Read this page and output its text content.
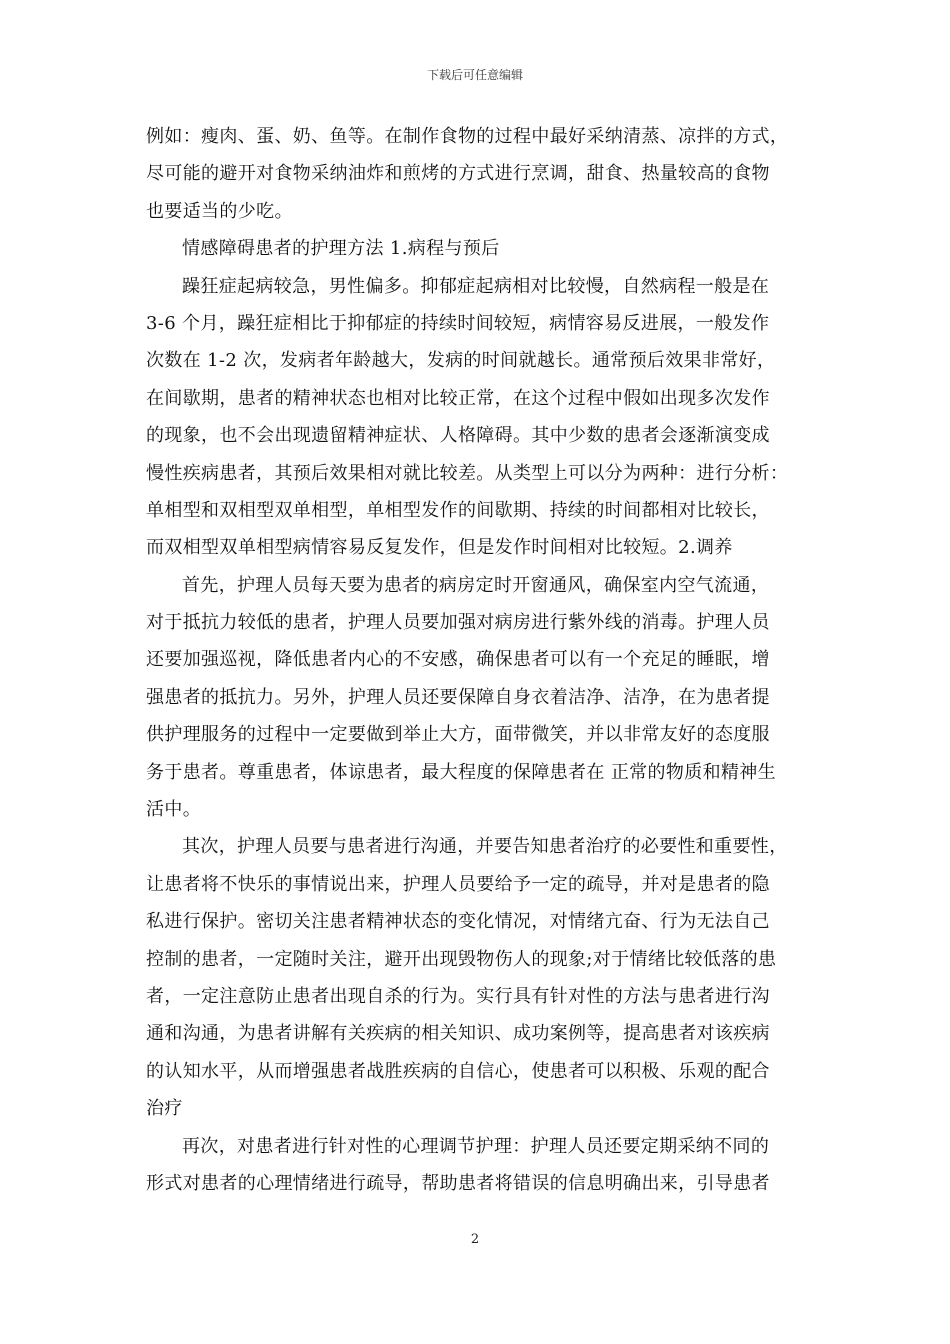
下载后可任意编辑
例如：瘦肉、蛋、奶、鱼等。在制作食物的过程中最好采纳清蒸、凉拌的方式，
尽可能的避开对食物采纳油炸和煎烤的方式进行烹调，甜食、热量较高的食物
也要适当的少吃。
情感障碍患者的护理方法 1.病程与预后
躁狂症起病较急，男性偏多。抑郁症起病相对比较慢，自然病程一般是在
3-6 个月，躁狂症相比于抑郁症的持续时间较短，病情容易反进展，一般发作
次数在 1-2 次，发病者年龄越大，发病的时间就越长。通常预后效果非常好，
在间歇期，患者的精神状态也相对比较正常，在这个过程中假如出现多次发作
的现象，也不会出现遗留精神症状、人格障碍。其中少数的患者会逐渐演变成
慢性疾病患者，其预后效果相对就比较差。从类型上可以分为两种：进行分析：
单相型和双相型双单相型，单相型发作的间歇期、持续的时间都相对比较长，
而双相型双单相型病情容易反复发作，但是发作时间相对比较短。2.调养
首先，护理人员每天要为患者的病房定时开窗通风，确保室内空气流通，
对于抵抗力较低的患者，护理人员要加强对病房进行紫外线的消毒。护理人员
还要加强巡视，降低患者内心的不安感，确保患者可以有一个充足的睡眠，增
强患者的抵抗力。另外，护理人员还要保障自身衣着洁净、洁净，在为患者提
供护理服务的过程中一定要做到举止大方，面带微笑，并以非常友好的态度服
务于患者。尊重患者，体谅患者，最大程度的保障患者在 正常的物质和精神生
活中。
其次，护理人员要与患者进行沟通，并要告知患者治疗的必要性和重要性，
让患者将不快乐的事情说出来，护理人员要给予一定的疏导，并对是患者的隐
私进行保护。密切关注患者精神状态的变化情况，对情绪亢奋、行为无法自己
控制的患者，一定随时关注，避开出现毁物伤人的现象;对于情绪比较低落的患
者，一定注意防止患者出现自杀的行为。实行具有针对性的方法与患者进行沟
通和沟通，为患者讲解有关疾病的相关知识、成功案例等，提高患者对该疾病
的认知水平，从而增强患者战胜疾病的自信心，使患者可以积极、乐观的配合
治疗
再次，对患者进行针对性的心理调节护理：护理人员还要定期采纳不同的
形式对患者的心理情绪进行疏导，帮助患者将错误的信息明确出来，引导患者
2
